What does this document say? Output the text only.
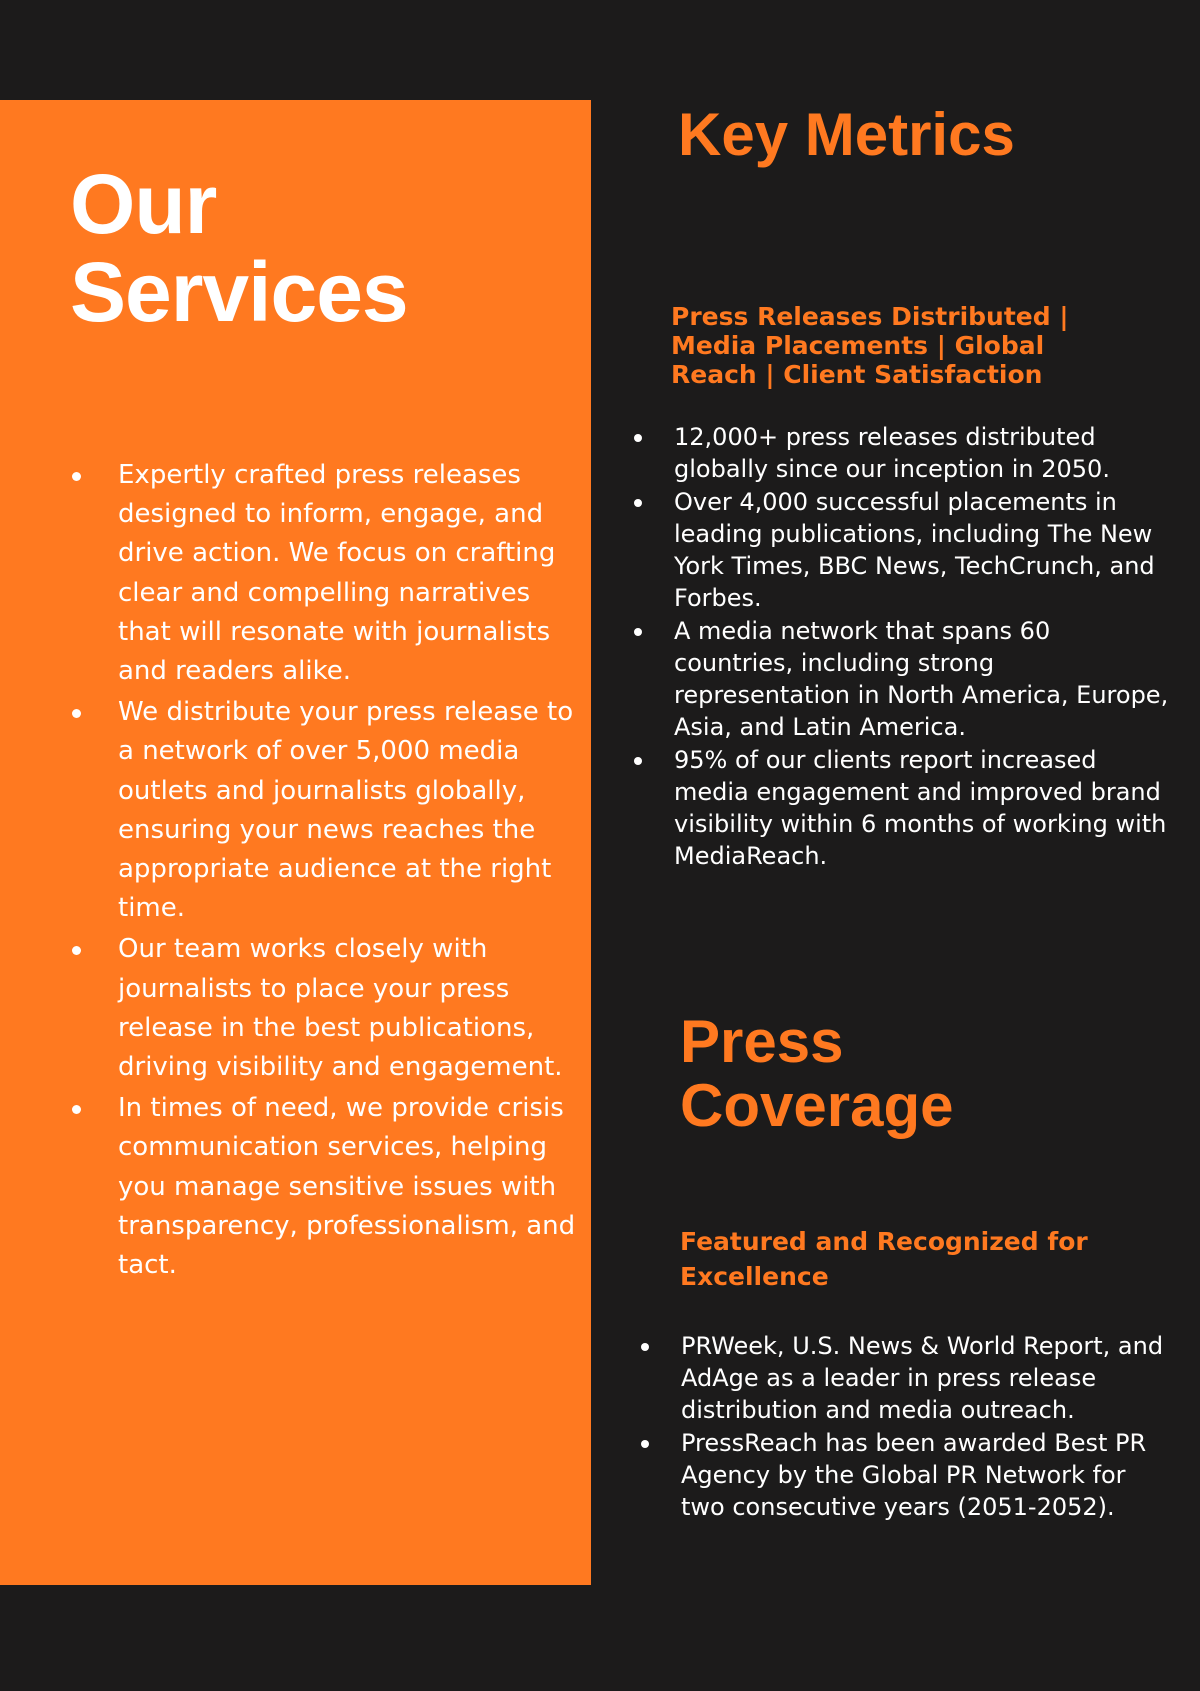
Our
Services
Expertly crafted press releases designed to inform, engage, and drive action. We focus on crafting clear and compelling narratives that will resonate with journalists and readers alike.
We distribute your press release to a network of over 5,000 media outlets and journalists globally, ensuring your news reaches the appropriate audience at the right time.
Our team works closely with journalists to place your press release in the best publications, driving visibility and engagement.
In times of need, we provide crisis communication services, helping you manage sensitive issues with transparency, professionalism, and tact.
Key Metrics
Press Releases Distributed | Media Placements | Global Reach | Client Satisfaction
12,000+ press releases distributed globally since our inception in 2050.
Over 4,000 successful placements in leading publications, including The New York Times, BBC News, TechCrunch, and Forbes.
A media network that spans 60 countries, including strong representation in North America, Europe, Asia, and Latin America.
95% of our clients report increased media engagement and improved brand visibility within 6 months of working with MediaReach.
Press
Coverage
Featured and Recognized for Excellence
PRWeek, U.S. News & World Report, and AdAge as a leader in press release distribution and media outreach.
PressReach has been awarded Best PR Agency by the Global PR Network for two consecutive years (2051-2052).
